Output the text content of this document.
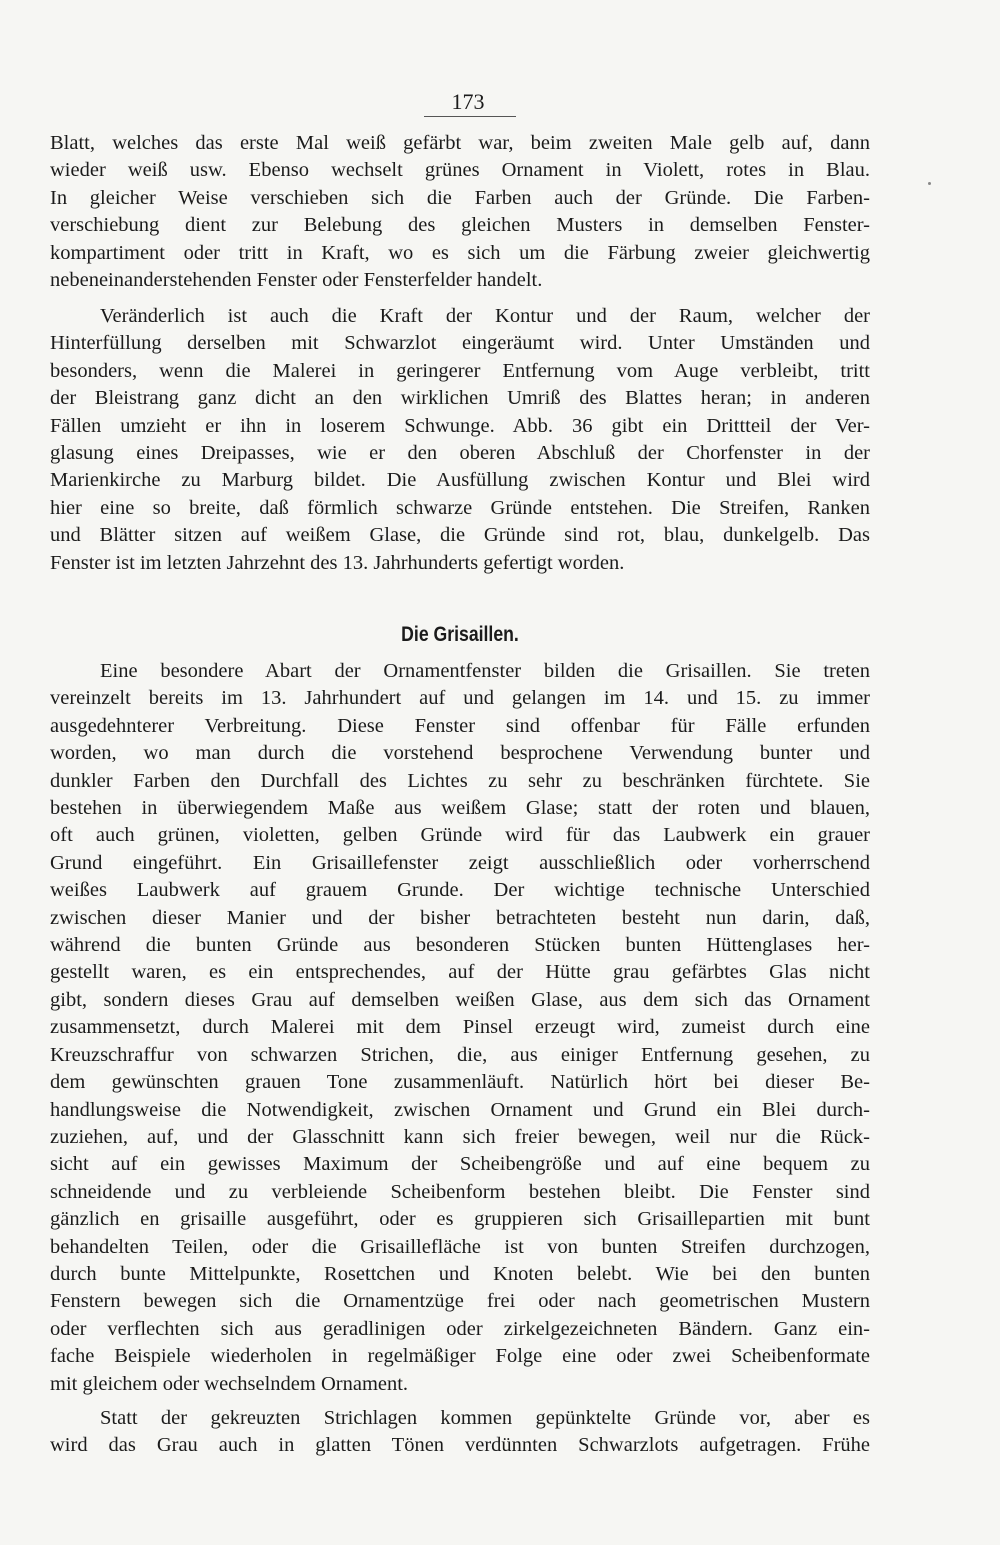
173
Blatt, welches das erste Mal weiß gefärbt war, beim zweiten Male gelb auf, dann
wieder weiß usw. Ebenso wechselt grünes Ornament in Violett, rotes in Blau.
In gleicher Weise verschieben sich die Farben auch der Gründe. Die Farben-
verschiebung dient zur Belebung des gleichen Musters in demselben Fenster-
kompartiment oder tritt in Kraft, wo es sich um die Färbung zweier gleichwertig
nebeneinanderstehenden Fenster oder Fensterfelder handelt.
Veränderlich ist auch die Kraft der Kontur und der Raum, welcher der
Hinterfüllung derselben mit Schwarzlot eingeräumt wird. Unter Umständen und
besonders, wenn die Malerei in geringerer Entfernung vom Auge verbleibt, tritt
der Bleistrang ganz dicht an den wirklichen Umriß des Blattes heran; in anderen
Fällen umzieht er ihn in loserem Schwunge. Abb. 36 gibt ein Drittteil der Ver-
glasung eines Dreipasses, wie er den oberen Abschluß der Chorfenster in der
Marienkirche zu Marburg bildet. Die Ausfüllung zwischen Kontur und Blei wird
hier eine so breite, daß förmlich schwarze Gründe entstehen. Die Streifen, Ranken
und Blätter sitzen auf weißem Glase, die Gründe sind rot, blau, dunkelgelb. Das
Fenster ist im letzten Jahrzehnt des 13. Jahrhunderts gefertigt worden.
Die Grisaillen.
Eine besondere Abart der Ornamentfenster bilden die Grisaillen. Sie treten
vereinzelt bereits im 13. Jahrhundert auf und gelangen im 14. und 15. zu immer
ausgedehnterer Verbreitung. Diese Fenster sind offenbar für Fälle erfunden
worden, wo man durch die vorstehend besprochene Verwendung bunter und
dunkler Farben den Durchfall des Lichtes zu sehr zu beschränken fürchtete. Sie
bestehen in überwiegendem Maße aus weißem Glase; statt der roten und blauen,
oft auch grünen, violetten, gelben Gründe wird für das Laubwerk ein grauer
Grund eingeführt. Ein Grisaillefenster zeigt ausschließlich oder vorherrschend
weißes Laubwerk auf grauem Grunde. Der wichtige technische Unterschied
zwischen dieser Manier und der bisher betrachteten besteht nun darin, daß,
während die bunten Gründe aus besonderen Stücken bunten Hüttenglases her-
gestellt waren, es ein entsprechendes, auf der Hütte grau gefärbtes Glas nicht
gibt, sondern dieses Grau auf demselben weißen Glase, aus dem sich das Ornament
zusammensetzt, durch Malerei mit dem Pinsel erzeugt wird, zumeist durch eine
Kreuzschraffur von schwarzen Strichen, die, aus einiger Entfernung gesehen, zu
dem gewünschten grauen Tone zusammenläuft. Natürlich hört bei dieser Be-
handlungsweise die Notwendigkeit, zwischen Ornament und Grund ein Blei durch-
zuziehen, auf, und der Glasschnitt kann sich freier bewegen, weil nur die Rück-
sicht auf ein gewisses Maximum der Scheibengröße und auf eine bequem zu
schneidende und zu verbleiende Scheibenform bestehen bleibt. Die Fenster sind
gänzlich en grisaille ausgeführt, oder es gruppieren sich Grisaillepartien mit bunt
behandelten Teilen, oder die Grisaillefläche ist von bunten Streifen durchzogen,
durch bunte Mittelpunkte, Rosettchen und Knoten belebt. Wie bei den bunten
Fenstern bewegen sich die Ornamentzüge frei oder nach geometrischen Mustern
oder verflechten sich aus geradlinigen oder zirkelgezeichneten Bändern. Ganz ein-
fache Beispiele wiederholen in regelmäßiger Folge eine oder zwei Scheibenformate
mit gleichem oder wechselndem Ornament.
Statt der gekreuzten Strichlagen kommen gepünktelte Gründe vor, aber es
wird das Grau auch in glatten Tönen verdünnten Schwarzlots aufgetragen. Frühe
